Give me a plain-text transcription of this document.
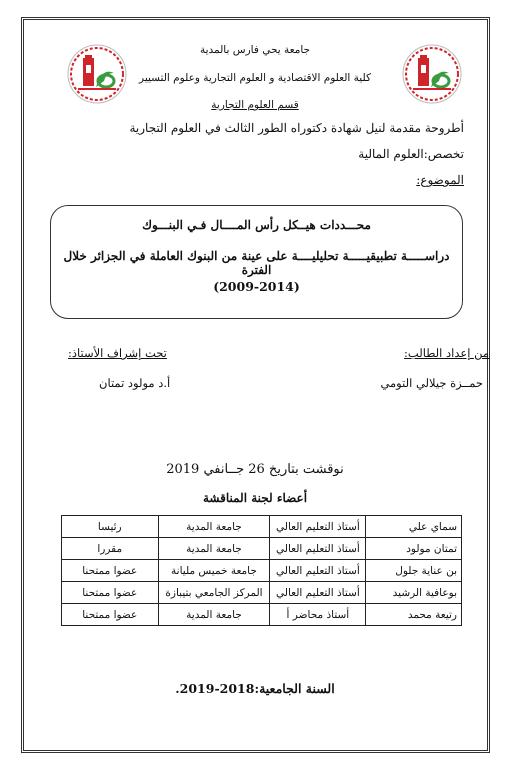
جامعة يحي فارس بالمدية
كلية العلوم الاقتصادية و العلوم التجارية وعلوم التسيير
قسم العلوم التجارية
أطروحة مقدمة لنيل شهادة دكتوراه الطور الثالث في العلوم التجارية
تخصص:العلوم المالية
الموضوع:
محـــددات هيــكل رأس المــــال فـي البنـــوك
دراســـــة تطبيقيـــــة تحليليــــة على عينة من البنوك العاملة في الجزائر خلال الفترة
(2009-2014)
من إعداد الطالب:
حمــزة جيلالي التومي
تحت إشراف الأستاذ:
أ.د مولود تمتان
نوقشت بتاريخ 26 جــانفي 2019
أعضاء لجنة المناقشة
سماي علي	أستاذ التعليم العالي	جامعة المدية	رئيسا
تمتان مولود	أستاذ التعليم العالي	جامعة المدية	مقررا
بن عناية جلول	أستاذ التعليم العالي	جامعة خميس مليانة	عضوا ممتحنا
بوعافية الرشيد	أستاذ التعليم العالي	المركز الجامعي بتيبازة	عضوا ممتحنا
رتيعة محمد	أستاذ محاضر أ	جامعة المدية	عضوا ممتحنا
السنة الجامعية:2018-2019.
